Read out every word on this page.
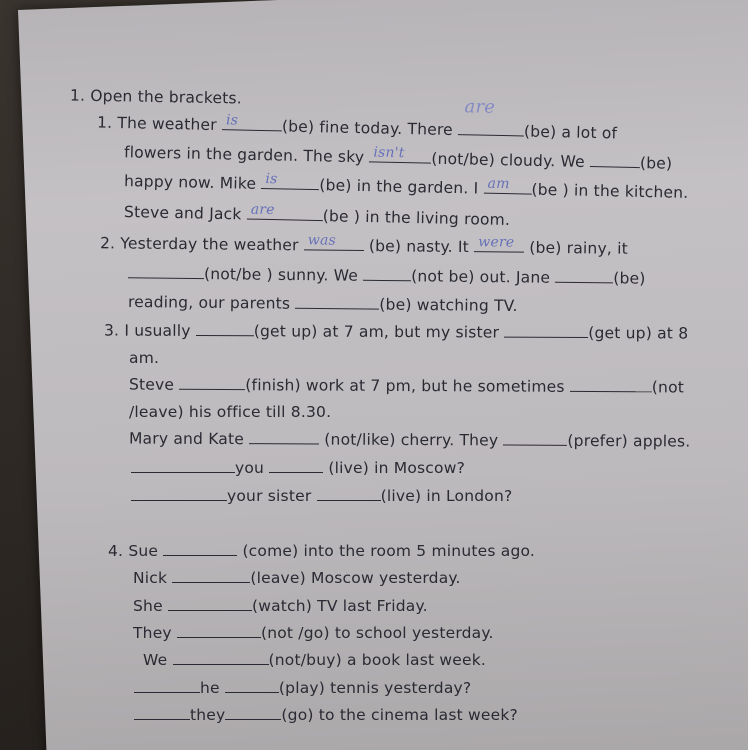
1. Open the brackets.
1. The weather is	(be) fine today. There
are
(be) a lot of
flowers in the garden. The sky isn't (not/be) cloudy. We	(be)
happy now. Mike is	(be) in the garden. I am (be ) in the kitchen.
Steve and Jack are	(be ) in the living room.
2. Yesterday the weather was (be) nasty. It were (be) rainy, it
(not/be ) sunny. We	(not be) out. Jane	(be)
reading, our parents	(be) watching TV.
3. I usually	(get up) at 7 am, but my sister	(get up) at 8
am.
Steve	(finish) work at 7 pm, but he sometimes	(not
/leave) his office till 8.30.
Mary and Kate	(not/like) cherry. They	(prefer) apples.
you	(live) in Moscow?
your sister	(live) in London?
4. Sue	(come) into the room 5 minutes ago.
Nick	(leave) Moscow yesterday.
She	(watch) TV last Friday.
They	(not /go) to school yesterday.
We	(not/buy) a book last week.
he	(play) tennis yesterday?
they	(go) to the cinema last week?
